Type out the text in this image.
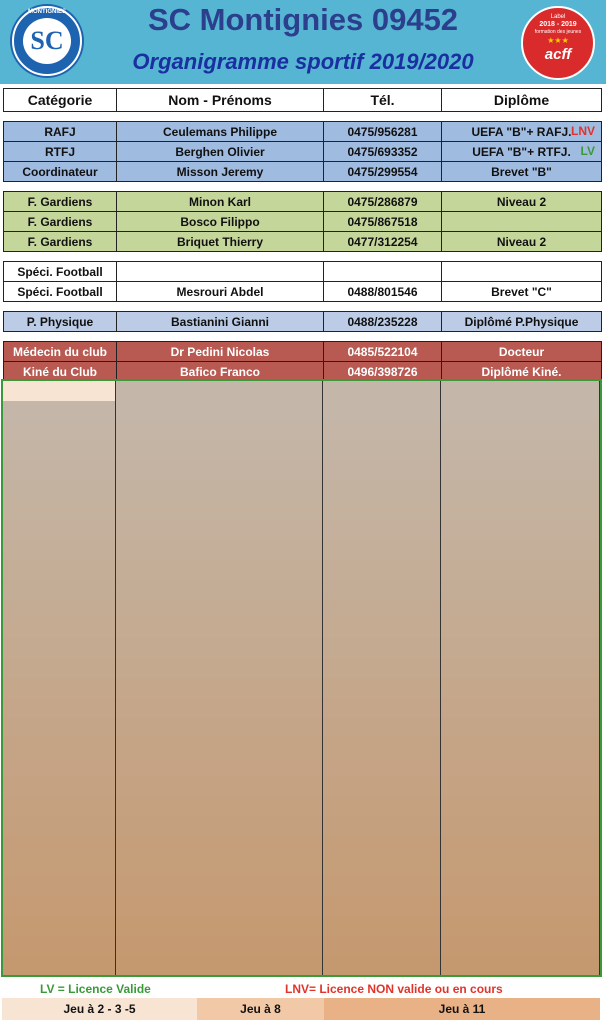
SC Montignies 09452
Organigramme sportif 2019/2020
MONTIGNIES
SC
Label
2018 - 2019
formation des jeunes
★★★
acff
Catégorie	Nom - Prénoms	Tél.	Diplôme

RAFJ	Ceulemans Philippe	0475/956281	UEFA "B"+ RAFJ. LNV

RTFJ	Berghen Olivier	0475/693352	UEFA "B"+ RTFJ. LV

Coordinateur	Misson Jeremy	0475/299554	Brevet "B"

F. Gardiens	Minon Karl	0475/286879	Niveau 2
F. Gardiens	Bosco Filippo	0475/867518	
F. Gardiens	Briquet Thierry	0477/312254	Niveau 2

Spéci. Football			
Spéci. Football	Mesrouri Abdel	0488/801546	Brevet "C"

P. Physique	Bastianini Gianni	0488/235228	Diplômé P.Physique

Médecin du club	Dr Pedini Nicolas	0485/522104	Docteur
Kiné du Club	Bafico Franco	0496/398726	Diplômé Kiné.
LV = Licence Valide	LNV= Licence NON valide ou en cours
Jeu à 2 - 3 -5	Jeu à 8	Jeu à 11
